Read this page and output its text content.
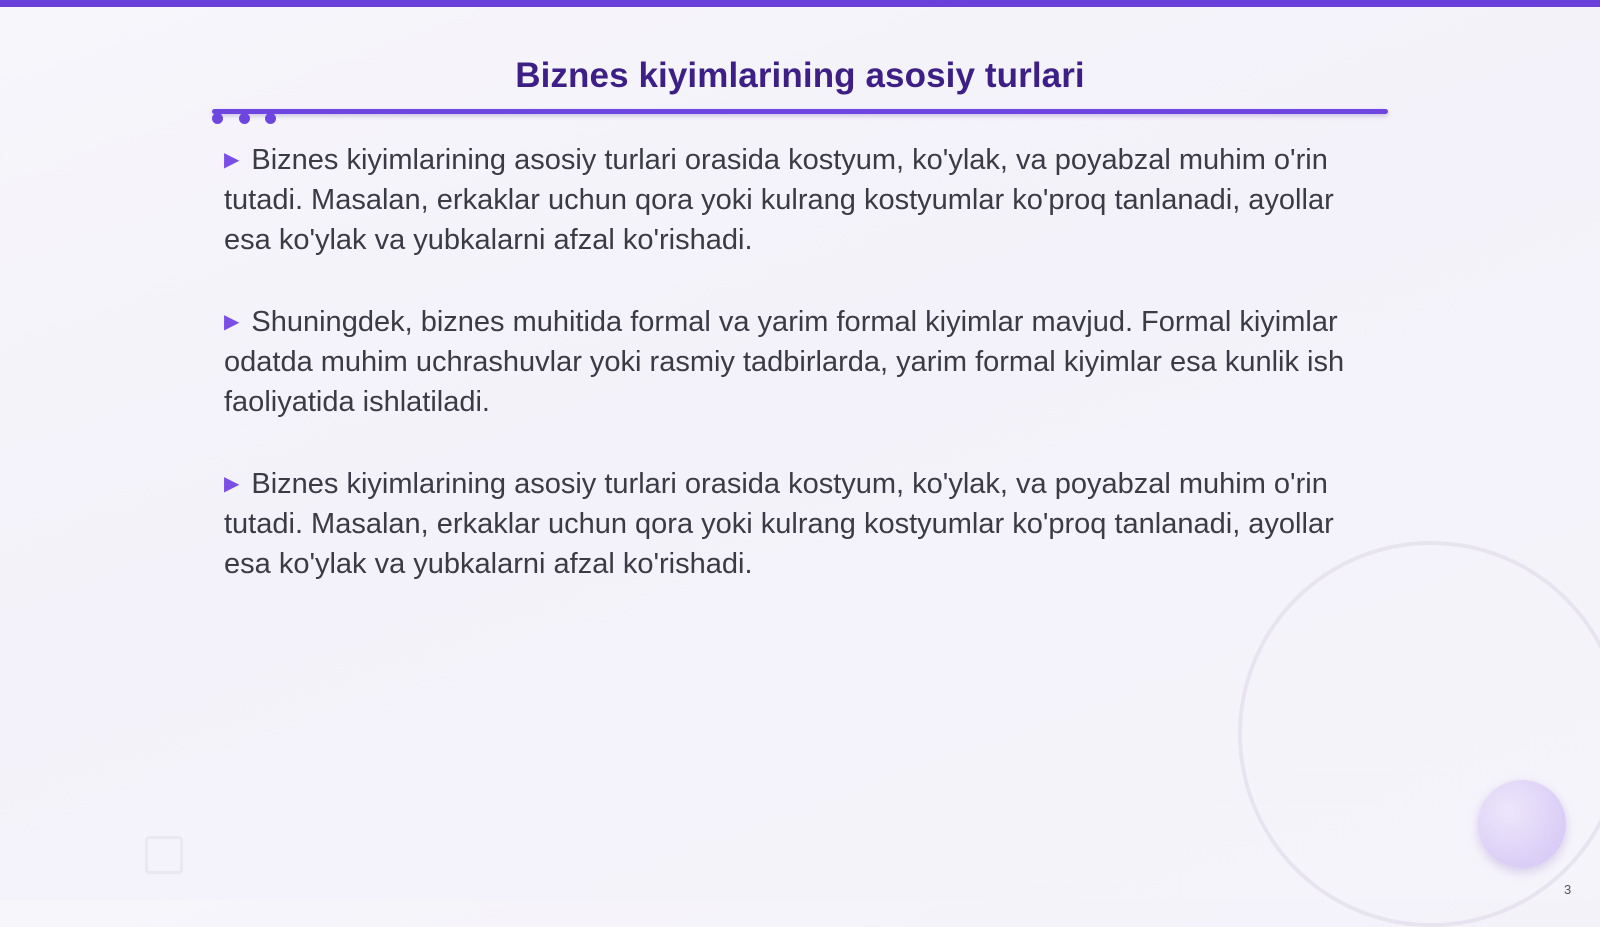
Biznes kiyimlarining asosiy turlari

▶ Biznes kiyimlarining asosiy turlari orasida kostyum, ko'ylak, va poyabzal muhim o'rin tutadi. Masalan, erkaklar uchun qora yoki kulrang kostyumlar ko'proq tanlanadi, ayollar esa ko'ylak va yubkalarni afzal ko'rishadi.

▶ Shuningdek, biznes muhitida formal va yarim formal kiyimlar mavjud. Formal kiyimlar odatda muhim uchrashuvlar yoki rasmiy tadbirlarda, yarim formal kiyimlar esa kunlik ish faoliyatida ishlatiladi.

▶ Biznes kiyimlarining asosiy turlari orasida kostyum, ko'ylak, va poyabzal muhim o'rin tutadi. Masalan, erkaklar uchun qora yoki kulrang kostyumlar ko'proq tanlanadi, ayollar esa ko'ylak va yubkalarni afzal ko'rishadi.

3
